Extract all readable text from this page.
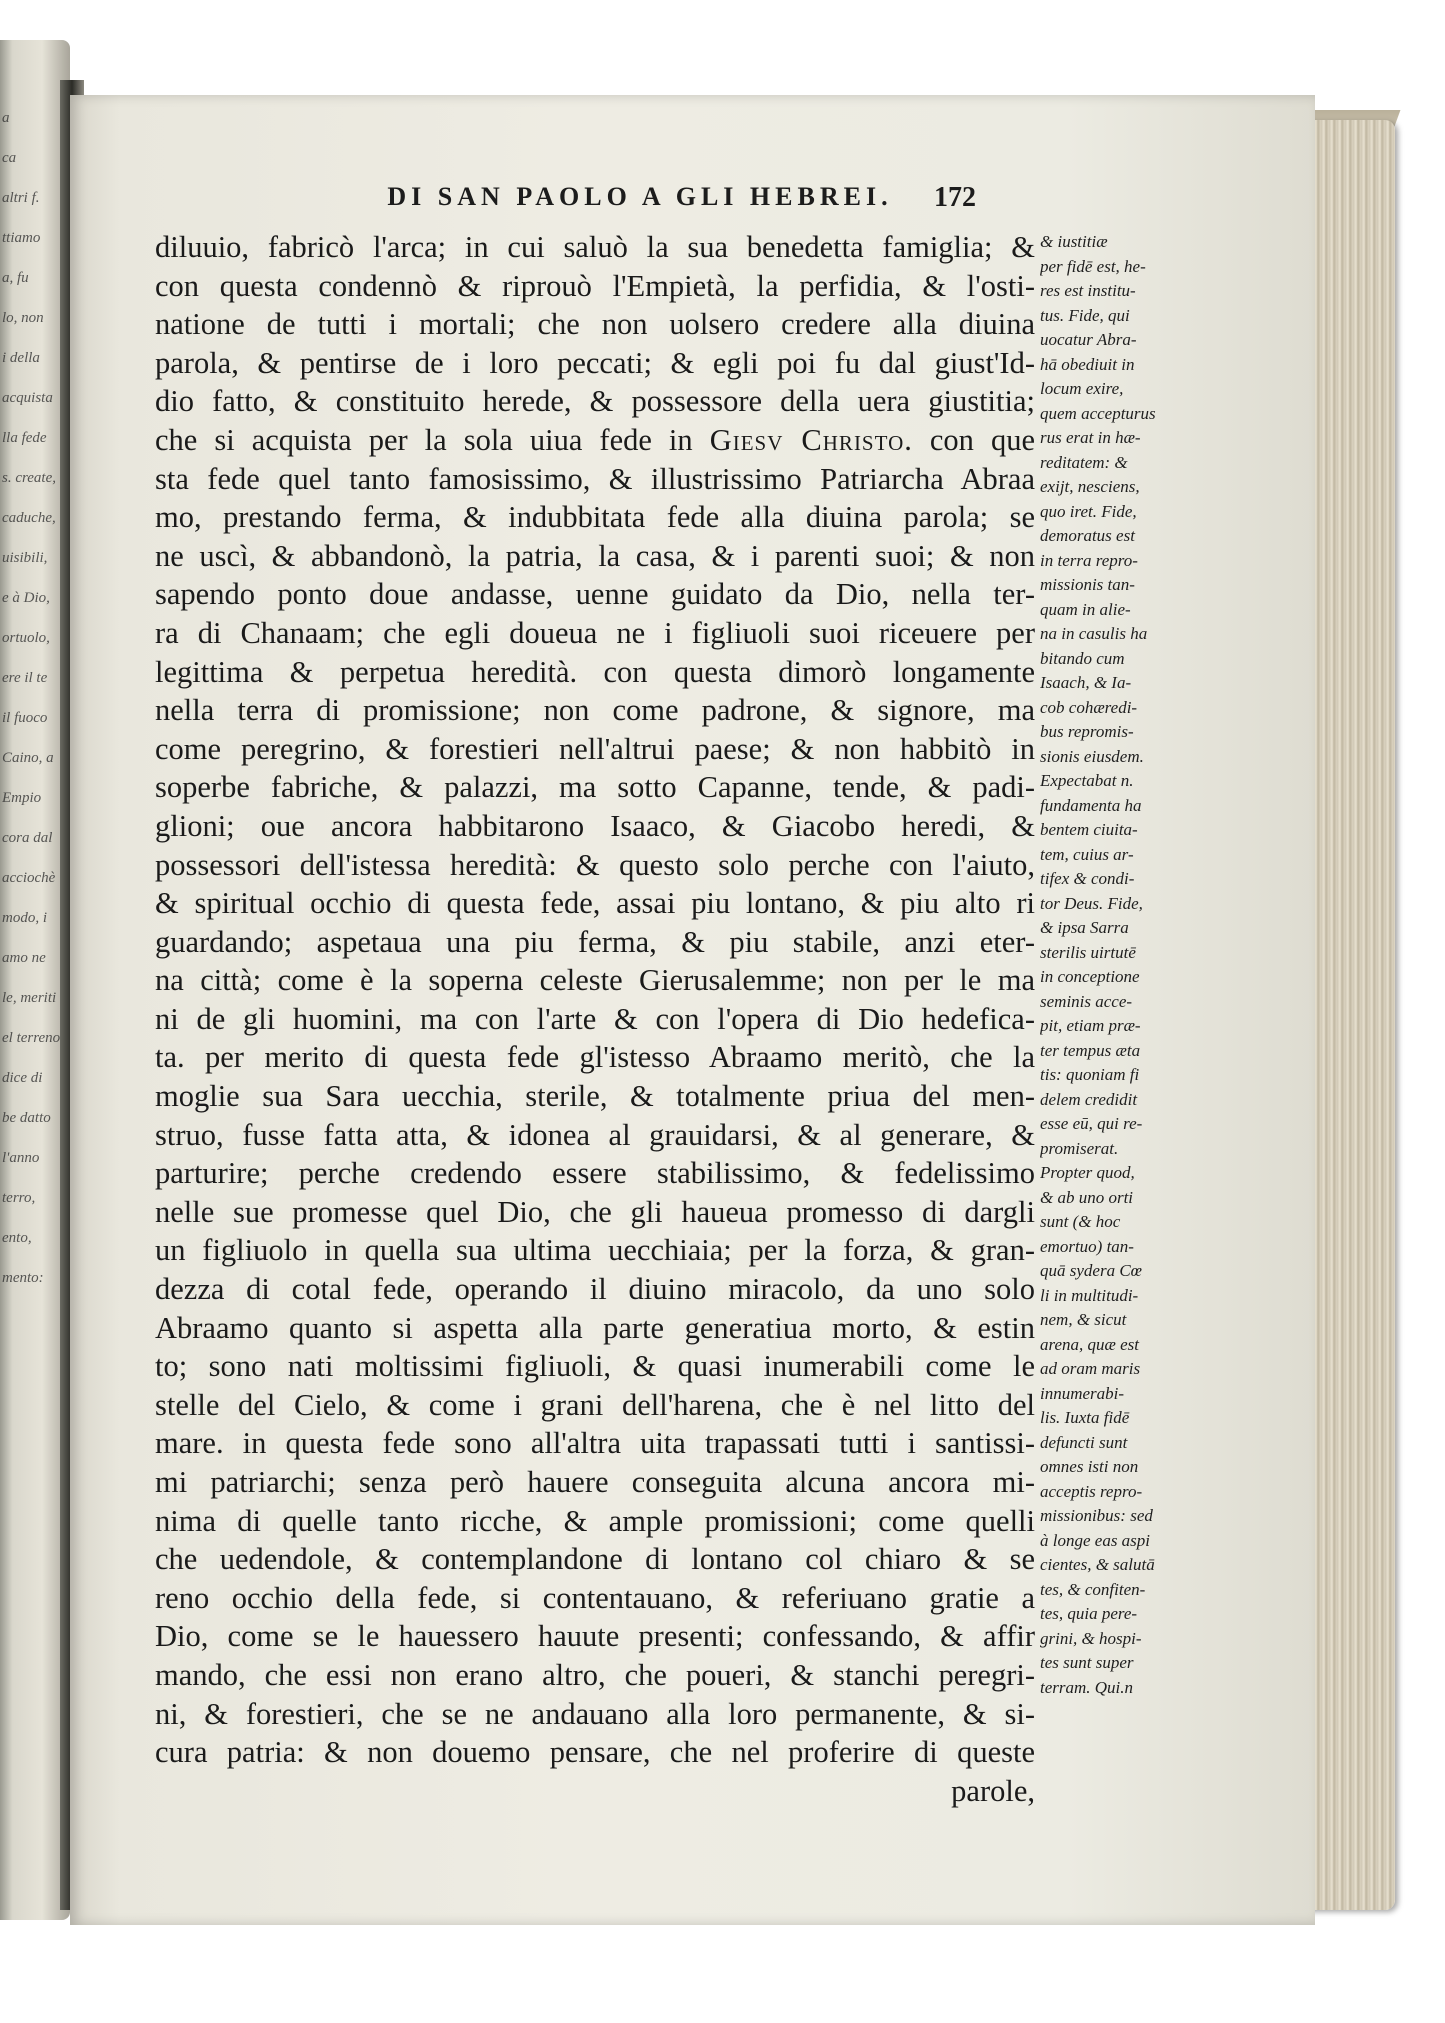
a
ca
altri f.
ttiamo
a, fu
lo, non
i della
acquista
lla fede
s. create,
caduche,
uisibili,
e à Dio,
ortuolo,
ere il te
il fuoco
Caino, a
Empio
cora dal
acciochè
modo, i
amo ne
le, meriti
el terreno
dice di
be datto
l'anno
terro,
ento,
mento:
DI SAN PAOLO A GLI HEBREI.	172
diluuio, fabricò l'arca; in cui saluò la sua benedetta famiglia; &
con questa condennò & riprouò l'Empietà, la perfidia, & l'osti-
natione de tutti i mortali; che non uolsero credere alla diuina
parola, & pentirse de i loro peccati; & egli poi fu dal giust'Id-
dio fatto, & constituito herede, & possessore della uera giustitia;
che si acquista per la sola uiua fede in Giesv Christo. con que
sta fede quel tanto famosissimo, & illustrissimo Patriarcha Abraa
mo, prestando ferma, & indubbitata fede alla diuina parola; se
ne uscì, & abbandonò, la patria, la casa, & i parenti suoi; & non
sapendo ponto doue andasse, uenne guidato da Dio, nella ter-
ra di Chanaam; che egli doueua ne i figliuoli suoi riceuere per
legittima & perpetua heredità. con questa dimorò longamente
nella terra di promissione; non come padrone, & signore, ma
come peregrino, & forestieri nell'altrui paese; & non habbitò in
soperbe fabriche, & palazzi, ma sotto Capanne, tende, & padi-
glioni; oue ancora habbitarono Isaaco, & Giacobo heredi, &
possessori dell'istessa heredità: & questo solo perche con l'aiuto,
& spiritual occhio di questa fede, assai piu lontano, & piu alto ri
guardando; aspetaua una piu ferma, & piu stabile, anzi eter-
na città; come è la soperna celeste Gierusalemme; non per le ma
ni de gli huomini, ma con l'arte & con l'opera di Dio hedefica-
ta. per merito di questa fede gl'istesso Abraamo meritò, che la
moglie sua Sara uecchia, sterile, & totalmente priua del men-
struo, fusse fatta atta, & idonea al grauidarsi, & al generare, &
parturire; perche credendo essere stabilissimo, & fedelissimo
nelle sue promesse quel Dio, che gli haueua promesso di dargli
un figliuolo in quella sua ultima uecchiaia; per la forza, & gran-
dezza di cotal fede, operando il diuino miracolo, da uno solo
Abraamo quanto si aspetta alla parte generatiua morto, & estin
to; sono nati moltissimi figliuoli, & quasi inumerabili come le
stelle del Cielo, & come i grani dell'harena, che è nel litto del
mare. in questa fede sono all'altra uita trapassati tutti i santissi-
mi patriarchi; senza però hauere conseguita alcuna ancora mi-
nima di quelle tanto ricche, & ample promissioni; come quelli
che uedendole, & contemplandone di lontano col chiaro & se
reno occhio della fede, si contentauano, & referiuano gratie a
Dio, come se le hauessero hauute presenti; confessando, & affir
mando, che essi non erano altro, che poueri, & stanchi peregri-
ni, & forestieri, che se ne andauano alla loro permanente, & si-
cura patria: & non douemo pensare, che nel proferire di queste
parole,
& iustitiæ
per fidē est, he-
res est institu-
tus. Fide, qui
uocatur Abra-
hā obediuit in
locum exire,
quem accepturus
rus erat in hæ-
reditatem: &
exijt, nesciens,
quo iret. Fide,
demoratus est
in terra repro-
missionis tan-
quam in alie-
na in casulis ha
bitando cum
Isaach, & Ia-
cob cohæredi-
bus repromis-
sionis eiusdem.
Expectabat n.
fundamenta ha
bentem ciuita-
tem, cuius ar-
tifex & condi-
tor Deus. Fide,
& ipsa Sarra
sterilis uirtutē
in conceptione
seminis acce-
pit, etiam præ-
ter tempus æta
tis: quoniam fi
delem credidit
esse eū, qui re-
promiserat.
Propter quod,
& ab uno orti
sunt (& hoc
emortuo) tan-
quā sydera Cœ
li in multitudi-
nem, & sicut
arena, quæ est
ad oram maris
innumerabi-
lis. Iuxta fidē
defuncti sunt
omnes isti non
acceptis repro-
missionibus: sed
à longe eas aspi
cientes, & salutā
tes, & confiten-
tes, quia pere-
grini, & hospi-
tes sunt super
terram. Qui.n
